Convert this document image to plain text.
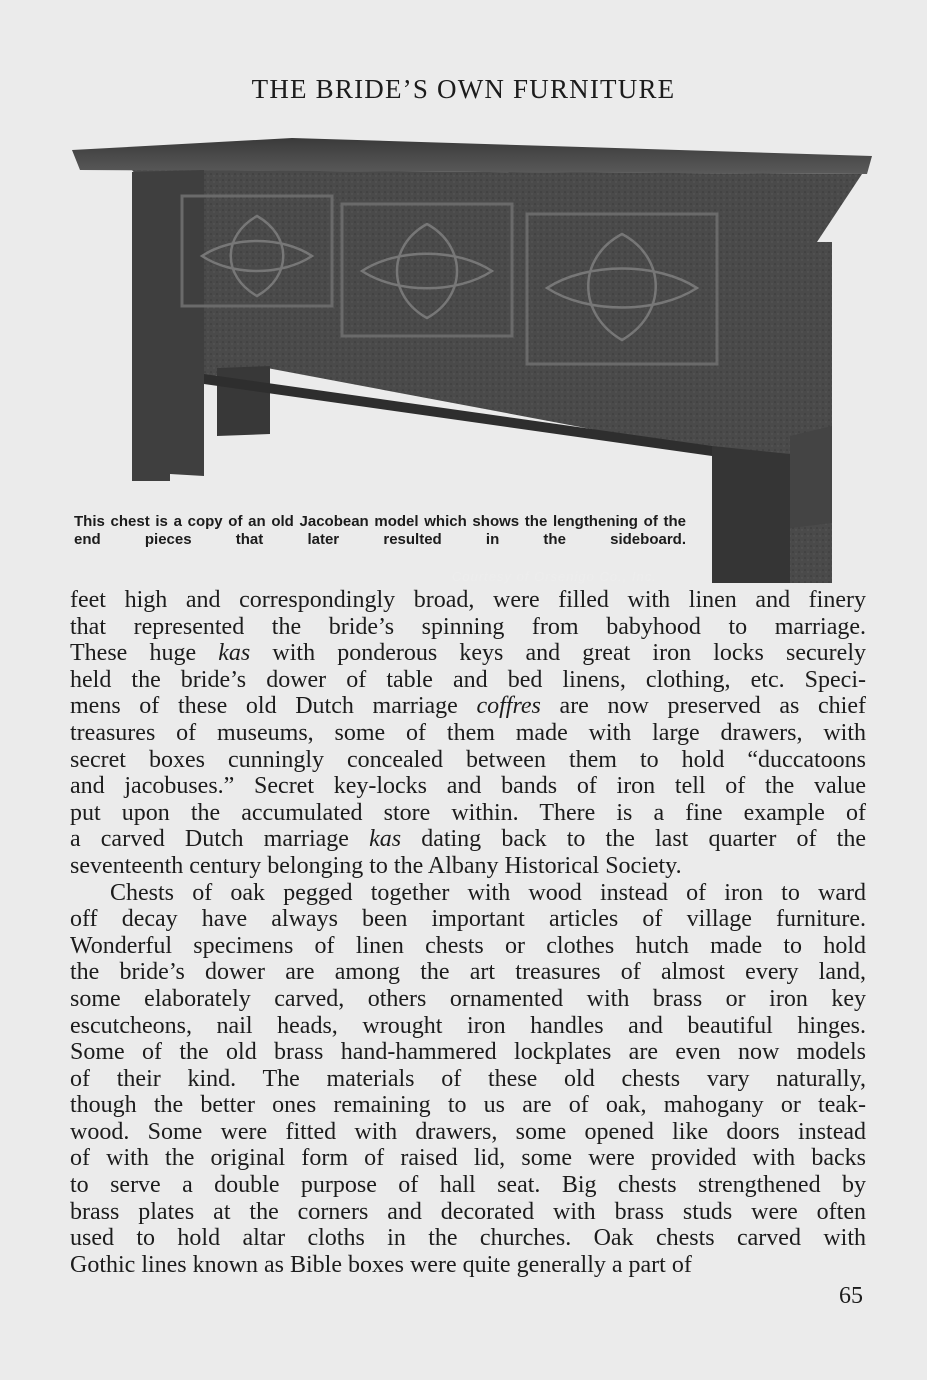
THE BRIDE’S OWN FURNITURE
Courtesy of Orsenigo Co., Inc.
This chest is a copy of an old Jacobean model which shows the lengthening of the end pieces that later resulted in the sideboard.
feet high and correspondingly broad, were filled with linen and finery
that represented the bride’s spinning from babyhood to marriage.
These huge kas with ponderous keys and great iron locks securely
held the bride’s dower of table and bed linens, clothing, etc. Speci-
mens of these old Dutch marriage coffres are now preserved as chief
treasures of museums, some of them made with large drawers, with
secret boxes cunningly concealed between them to hold “duccatoons
and jacobuses.” Secret key-locks and bands of iron tell of the value
put upon the accumulated store within. There is a fine example of
a carved Dutch marriage kas dating back to the last quarter of the
seventeenth century belonging to the Albany Historical Society.
Chests of oak pegged together with wood instead of iron to ward
off decay have always been important articles of village furniture.
Wonderful specimens of linen chests or clothes hutch made to hold
the bride’s dower are among the art treasures of almost every land,
some elaborately carved, others ornamented with brass or iron key
escutcheons, nail heads, wrought iron handles and beautiful hinges.
Some of the old brass hand-hammered lockplates are even now models
of their kind. The materials of these old chests vary naturally,
though the better ones remaining to us are of oak, mahogany or teak-
wood. Some were fitted with drawers, some opened like doors instead
of with the original form of raised lid, some were provided with backs
to serve a double purpose of hall seat. Big chests strengthened by
brass plates at the corners and decorated with brass studs were often
used to hold altar cloths in the churches. Oak chests carved with
Gothic lines known as Bible boxes were quite generally a part of
65
